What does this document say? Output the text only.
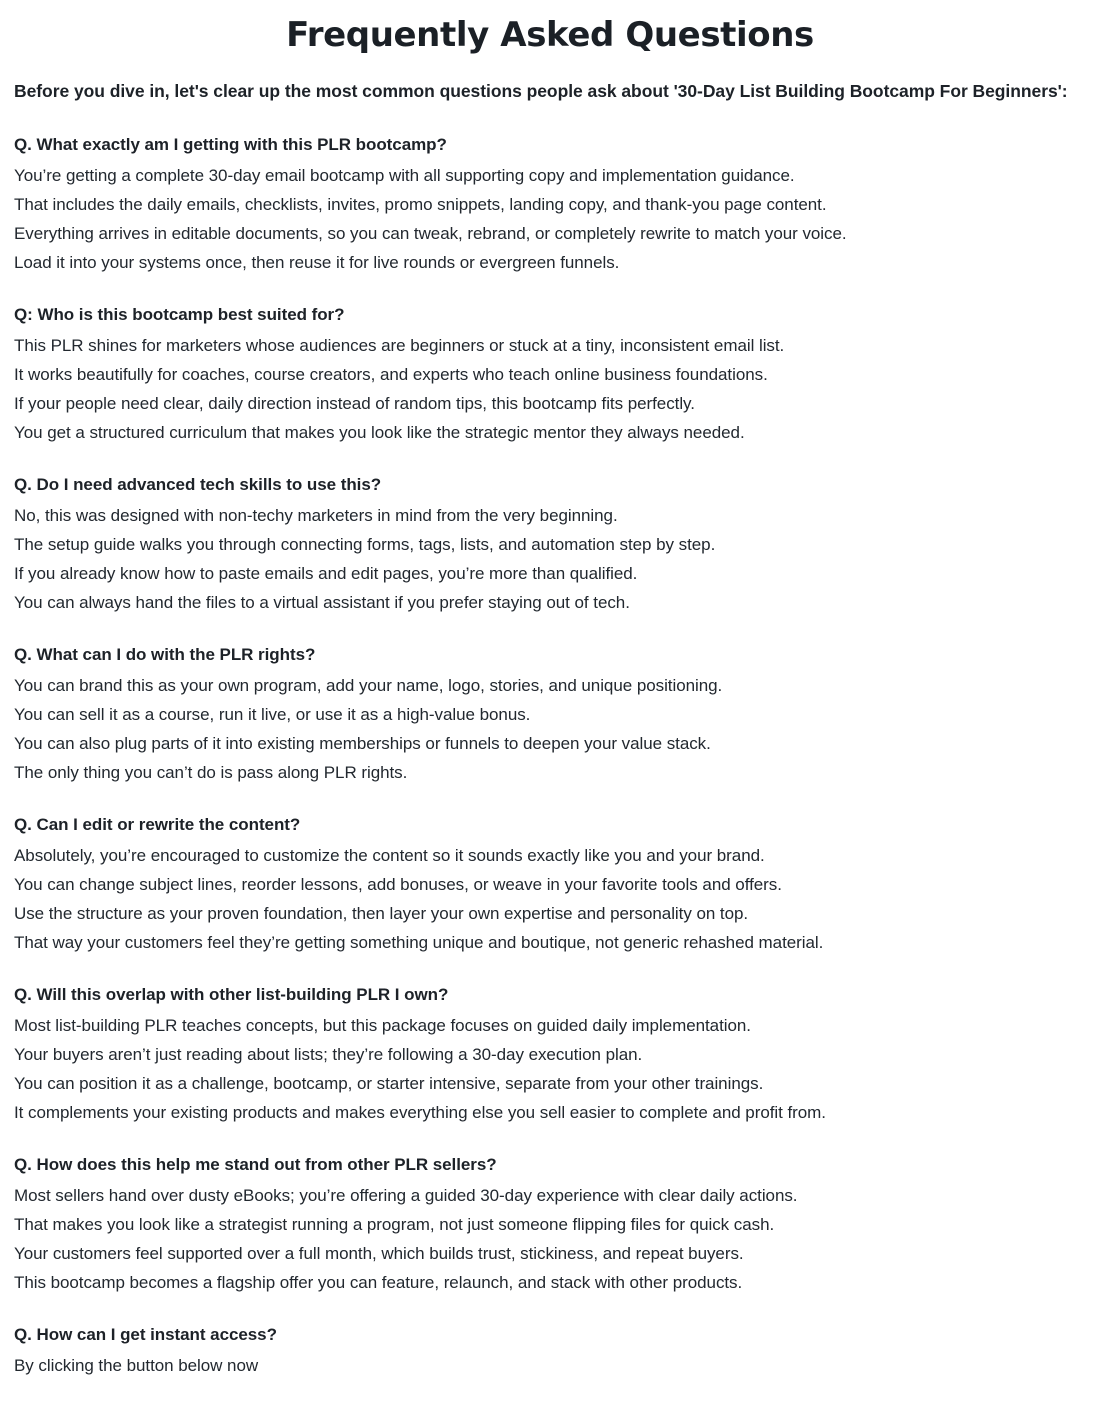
Frequently Asked Questions

Before you dive in, let's clear up the most common questions people ask about '30-Day List Building Bootcamp For Beginners':

Q. What exactly am I getting with this PLR bootcamp?
You’re getting a complete 30-day email bootcamp with all supporting copy and implementation guidance.
That includes the daily emails, checklists, invites, promo snippets, landing copy, and thank-you page content.
Everything arrives in editable documents, so you can tweak, rebrand, or completely rewrite to match your voice.
Load it into your systems once, then reuse it for live rounds or evergreen funnels.
Q: Who is this bootcamp best suited for?
This PLR shines for marketers whose audiences are beginners or stuck at a tiny, inconsistent email list.
It works beautifully for coaches, course creators, and experts who teach online business foundations.
If your people need clear, daily direction instead of random tips, this bootcamp fits perfectly.
You get a structured curriculum that makes you look like the strategic mentor they always needed.
Q. Do I need advanced tech skills to use this?
No, this was designed with non-techy marketers in mind from the very beginning.
The setup guide walks you through connecting forms, tags, lists, and automation step by step.
If you already know how to paste emails and edit pages, you’re more than qualified.
You can always hand the files to a virtual assistant if you prefer staying out of tech.
Q. What can I do with the PLR rights?
You can brand this as your own program, add your name, logo, stories, and unique positioning.
You can sell it as a course, run it live, or use it as a high-value bonus.
You can also plug parts of it into existing memberships or funnels to deepen your value stack.
The only thing you can’t do is pass along PLR rights.
Q. Can I edit or rewrite the content?
Absolutely, you’re encouraged to customize the content so it sounds exactly like you and your brand.
You can change subject lines, reorder lessons, add bonuses, or weave in your favorite tools and offers.
Use the structure as your proven foundation, then layer your own expertise and personality on top.
That way your customers feel they’re getting something unique and boutique, not generic rehashed material.
Q. Will this overlap with other list-building PLR I own?
Most list-building PLR teaches concepts, but this package focuses on guided daily implementation.
Your buyers aren’t just reading about lists; they’re following a 30-day execution plan.
You can position it as a challenge, bootcamp, or starter intensive, separate from your other trainings.
It complements your existing products and makes everything else you sell easier to complete and profit from.
Q. How does this help me stand out from other PLR sellers?
Most sellers hand over dusty eBooks; you’re offering a guided 30-day experience with clear daily actions.
That makes you look like a strategist running a program, not just someone flipping files for quick cash.
Your customers feel supported over a full month, which builds trust, stickiness, and repeat buyers.
This bootcamp becomes a flagship offer you can feature, relaunch, and stack with other products.
Q. How can I get instant access?
By clicking the button below now
